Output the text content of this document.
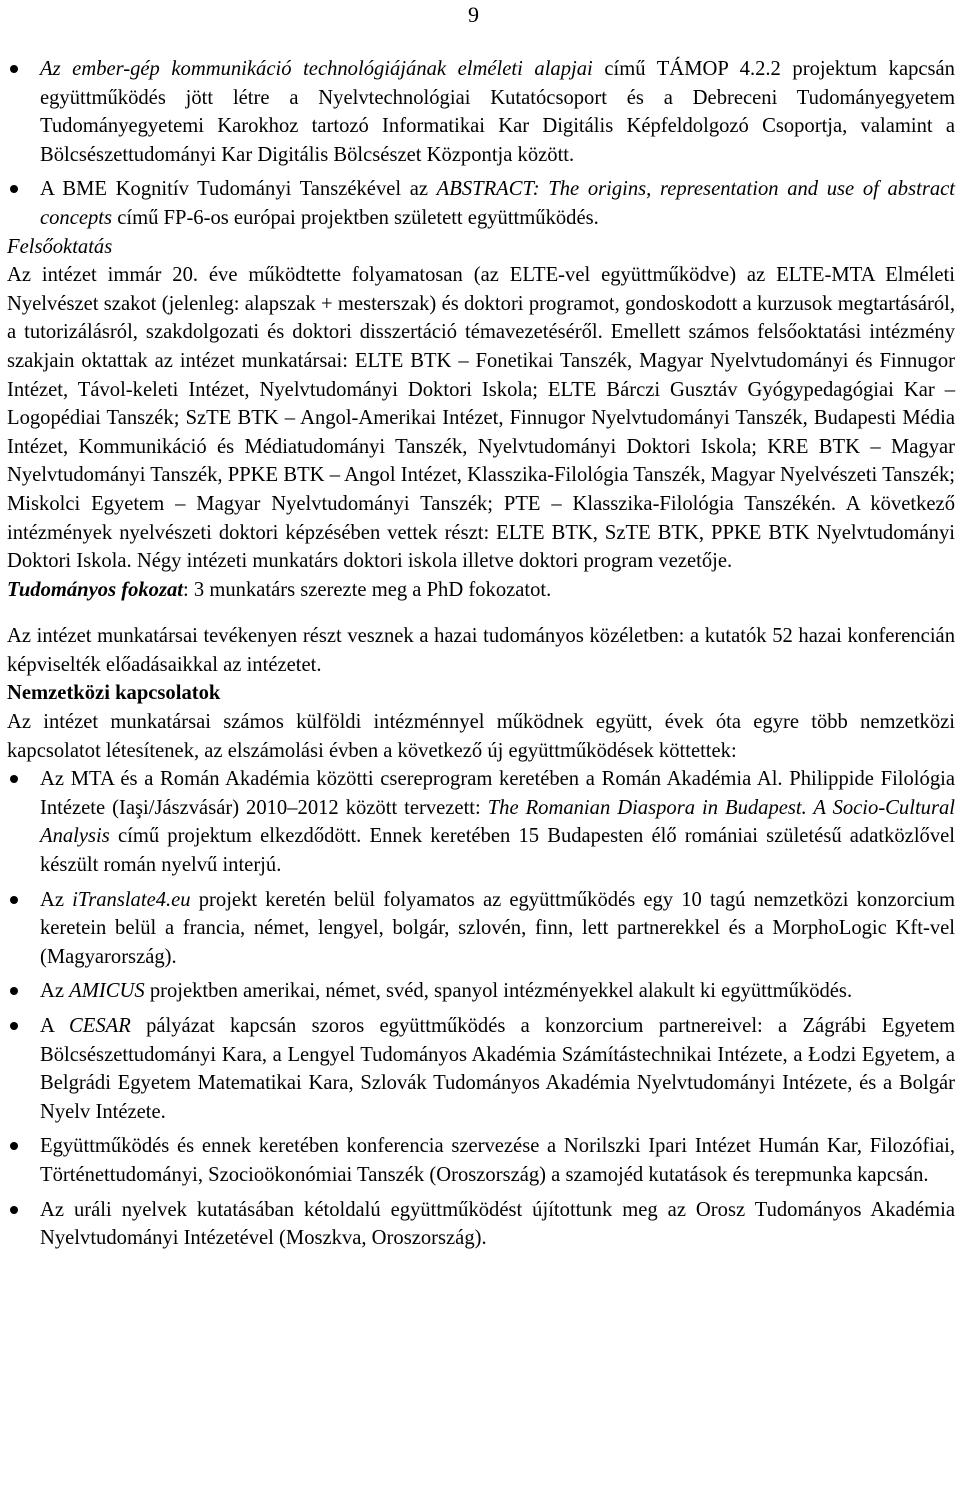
9
Az ember-gép kommunikáció technológiájának elméleti alapjai című TÁMOP 4.2.2 projektum kapcsán együttműködés jött létre a Nyelvtechnológiai Kutatócsoport és a Debreceni Tudományegyetem Tudományegyetemi Karokhoz tartozó Informatikai Kar Digitális Képfeldolgozó Csoportja, valamint a Bölcsészettudományi Kar Digitális Bölcsészet Központja között.
A BME Kognitív Tudományi Tanszékével az ABSTRACT: The origins, representation and use of abstract concepts című FP-6-os európai projektben született együttműködés.

Felsőoktatás

Az intézet immár 20. éve működtette folyamatosan (az ELTE-vel együttműködve) az ELTE-MTA Elméleti Nyelvészet szakot (jelenleg: alapszak + mesterszak) és doktori programot, gondoskodott a kurzusok megtartásáról, a tutorizálásról, szakdolgozati és doktori disszertáció témavezetéséről. Emellett számos felsőoktatási intézmény szakjain oktattak az intézet munkatársai: ELTE BTK – Fonetikai Tanszék, Magyar Nyelvtudományi és Finnugor Intézet, Távol-keleti Intézet, Nyelvtudományi Doktori Iskola; ELTE Bárczi Gusztáv Gyógypedagógiai Kar – Logopédiai Tanszék; SzTE BTK – Angol-Amerikai Intézet, Finnugor Nyelvtudományi Tanszék, Budapesti Média Intézet, Kommunikáció és Médiatudományi Tanszék, Nyelvtudományi Doktori Iskola; KRE BTK – Magyar Nyelvtudományi Tanszék, PPKE BTK – Angol Intézet, Klasszika-Filológia Tanszék, Magyar Nyelvészeti Tanszék; Miskolci Egyetem – Magyar Nyelvtudományi Tanszék; PTE – Klasszika-Filológia Tanszékén. A következő intézmények nyelvészeti doktori képzésében vettek részt: ELTE BTK, SzTE BTK, PPKE BTK Nyelvtudományi Doktori Iskola. Négy intézeti munkatárs doktori iskola illetve doktori program vezetője.

Tudományos fokozat: 3 munkatárs szerezte meg a PhD fokozatot.

Az intézet munkatársai tevékenyen részt vesznek a hazai tudományos közéletben: a kutatók 52 hazai konferencián képviselték előadásaikkal az intézetet.

Nemzetközi kapcsolatok

Az intézet munkatársai számos külföldi intézménnyel működnek együtt, évek óta egyre több nemzetközi kapcsolatot létesítenek, az elszámolási évben a következő új együttműködések köttettek:

Az MTA és a Román Akadémia közötti csereprogram keretében a Román Akadémia Al. Philippide Filológia Intézete (Iaşi/Jászvásár) 2010–2012 között tervezett: The Romanian Diaspora in Budapest. A Socio-Cultural Analysis című projektum elkezdődött. Ennek keretében 15 Budapesten élő romániai születésű adatközlővel készült román nyelvű interjú.
Az iTranslate4.eu projekt keretén belül folyamatos az együttműködés egy 10 tagú nemzetközi konzorcium keretein belül a francia, német, lengyel, bolgár, szlovén, finn, lett partnerekkel és a MorphoLogic Kft-vel (Magyarország).
Az AMICUS projektben amerikai, német, svéd, spanyol intézményekkel alakult ki együttműködés.
A CESAR pályázat kapcsán szoros együttműködés a konzorcium partnereivel: a Zágrábi Egyetem Bölcsészettudományi Kara, a Lengyel Tudományos Akadémia Számítástechnikai Intézete, a Łodzi Egyetem, a Belgrádi Egyetem Matematikai Kara, Szlovák Tudományos Akadémia Nyelvtudományi Intézete, és a Bolgár Nyelv Intézete.
Együttműködés és ennek keretében konferencia szervezése a Norilszki Ipari Intézet Humán Kar, Filozófiai, Történettudományi, Szocioökonómiai Tanszék (Oroszország) a szamojéd kutatások és terepmunka kapcsán.
Az uráli nyelvek kutatásában kétoldalú együttműködést újítottunk meg az Orosz Tudományos Akadémia Nyelvtudományi Intézetével (Moszkva, Oroszország).
